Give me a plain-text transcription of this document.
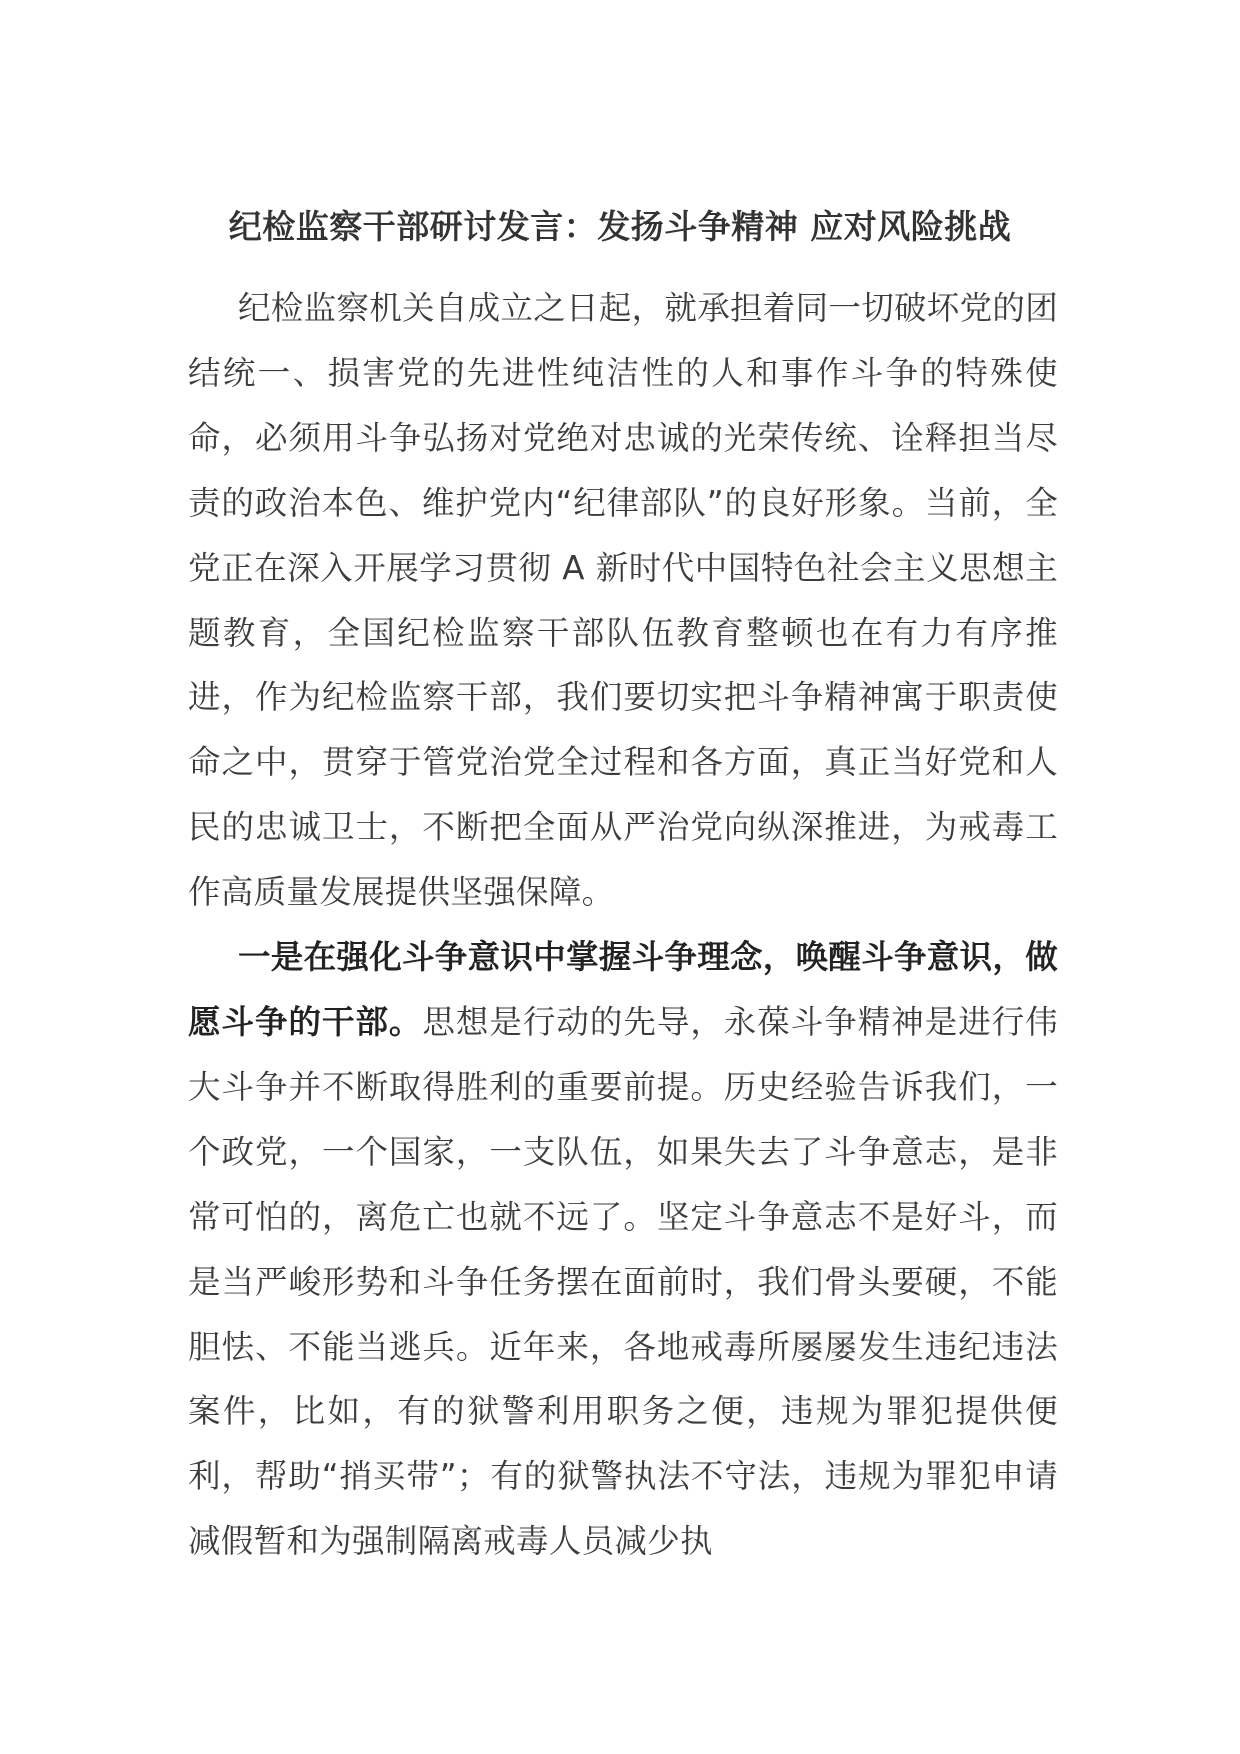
纪检监察干部研讨发言：发扬斗争精神 应对风险挑战

纪检监察机关自成立之日起，就承担着同一切破坏党的团结统一、损害党的先进性纯洁性的人和事作斗争的特殊使命，必须用斗争弘扬对党绝对忠诚的光荣传统、诠释担当尽责的政治本色、维护党内“纪律部队”的良好形象。当前，全党正在深入开展学习贯彻 A 新时代中国特色社会主义思想主题教育，全国纪检监察干部队伍教育整顿也在有力有序推进，作为纪检监察干部，我们要切实把斗争精神寓于职责使命之中，贯穿于管党治党全过程和各方面，真正当好党和人民的忠诚卫士，不断把全面从严治党向纵深推进，为戒毒工作高质量发展提供坚强保障。

一是在强化斗争意识中掌握斗争理念，唤醒斗争意识，做愿斗争的干部。思想是行动的先导，永葆斗争精神是进行伟大斗争并不断取得胜利的重要前提。历史经验告诉我们，一个政党，一个国家，一支队伍，如果失去了斗争意志，是非常可怕的，离危亡也就不远了。坚定斗争意志不是好斗，而是当严峻形势和斗争任务摆在面前时，我们骨头要硬，不能胆怯、不能当逃兵。近年来，各地戒毒所屡屡发生违纪违法案件，比如，有的狱警利用职务之便，违规为罪犯提供便利，帮助“捎买带”；有的狱警执法不守法，违规为罪犯申请减假暂和为强制隔离戒毒人员减少执
